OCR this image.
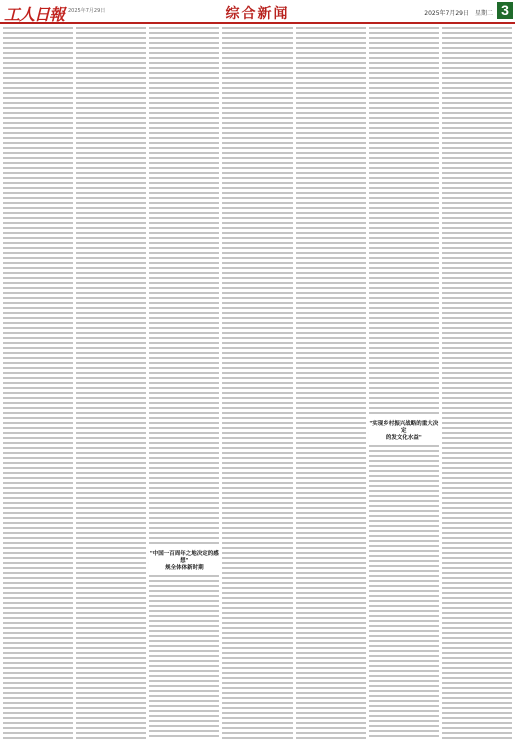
工人日報 2025年7月29日	综合新闻	2025年7月29日　星期二 3
"中国一百周年之地决定的感想"
规全体体新时期
"实现乡村振兴战略的重大决定
的发文化水益"
